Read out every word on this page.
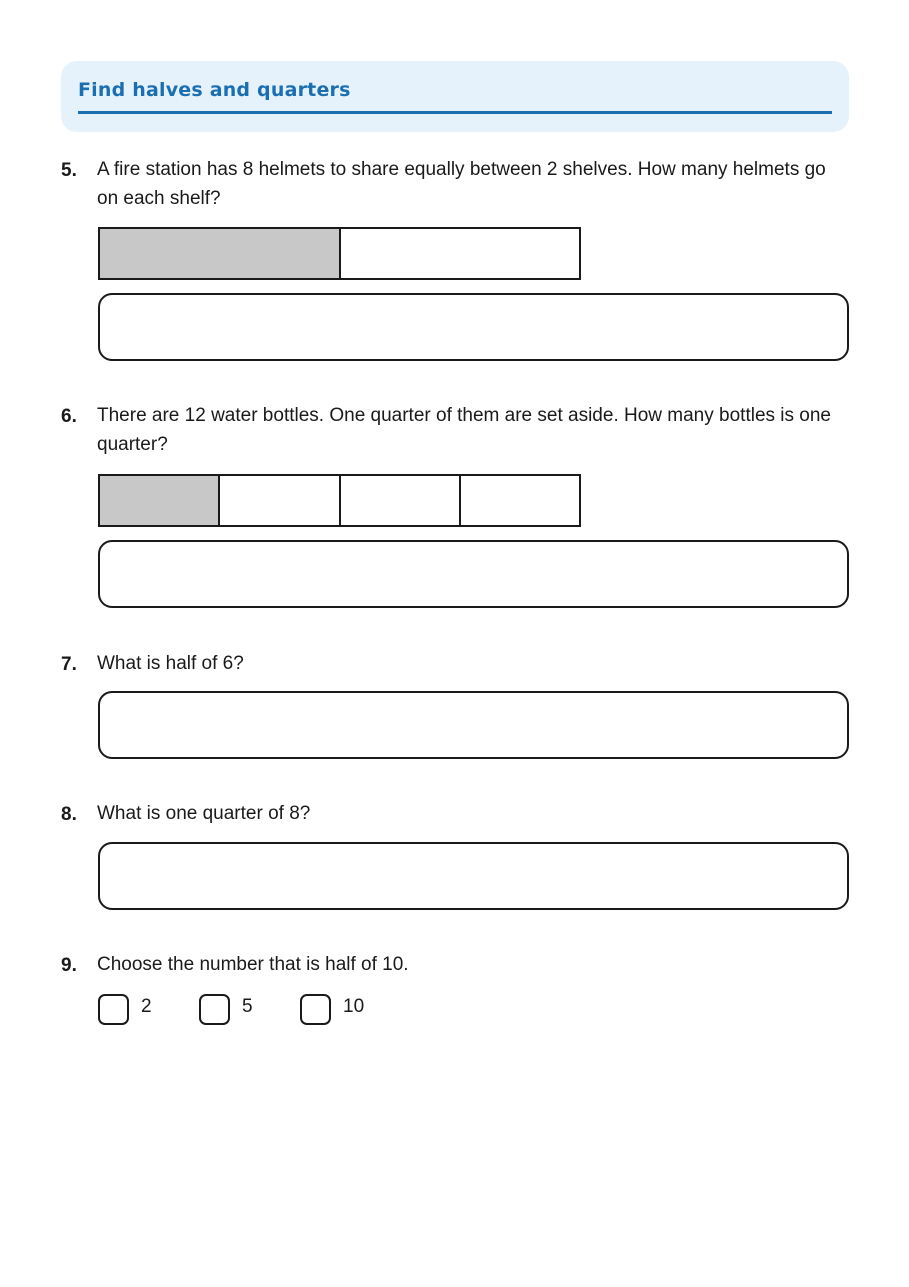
Find halves and quarters
5. A fire station has 8 helmets to share equally between 2 shelves. How many helmets go on each shelf?
6. There are 12 water bottles. One quarter of them are set aside. How many bottles is one quarter?
7. What is half of 6?
8. What is one quarter of 8?
9. Choose the number that is half of 10.
2	5	10
